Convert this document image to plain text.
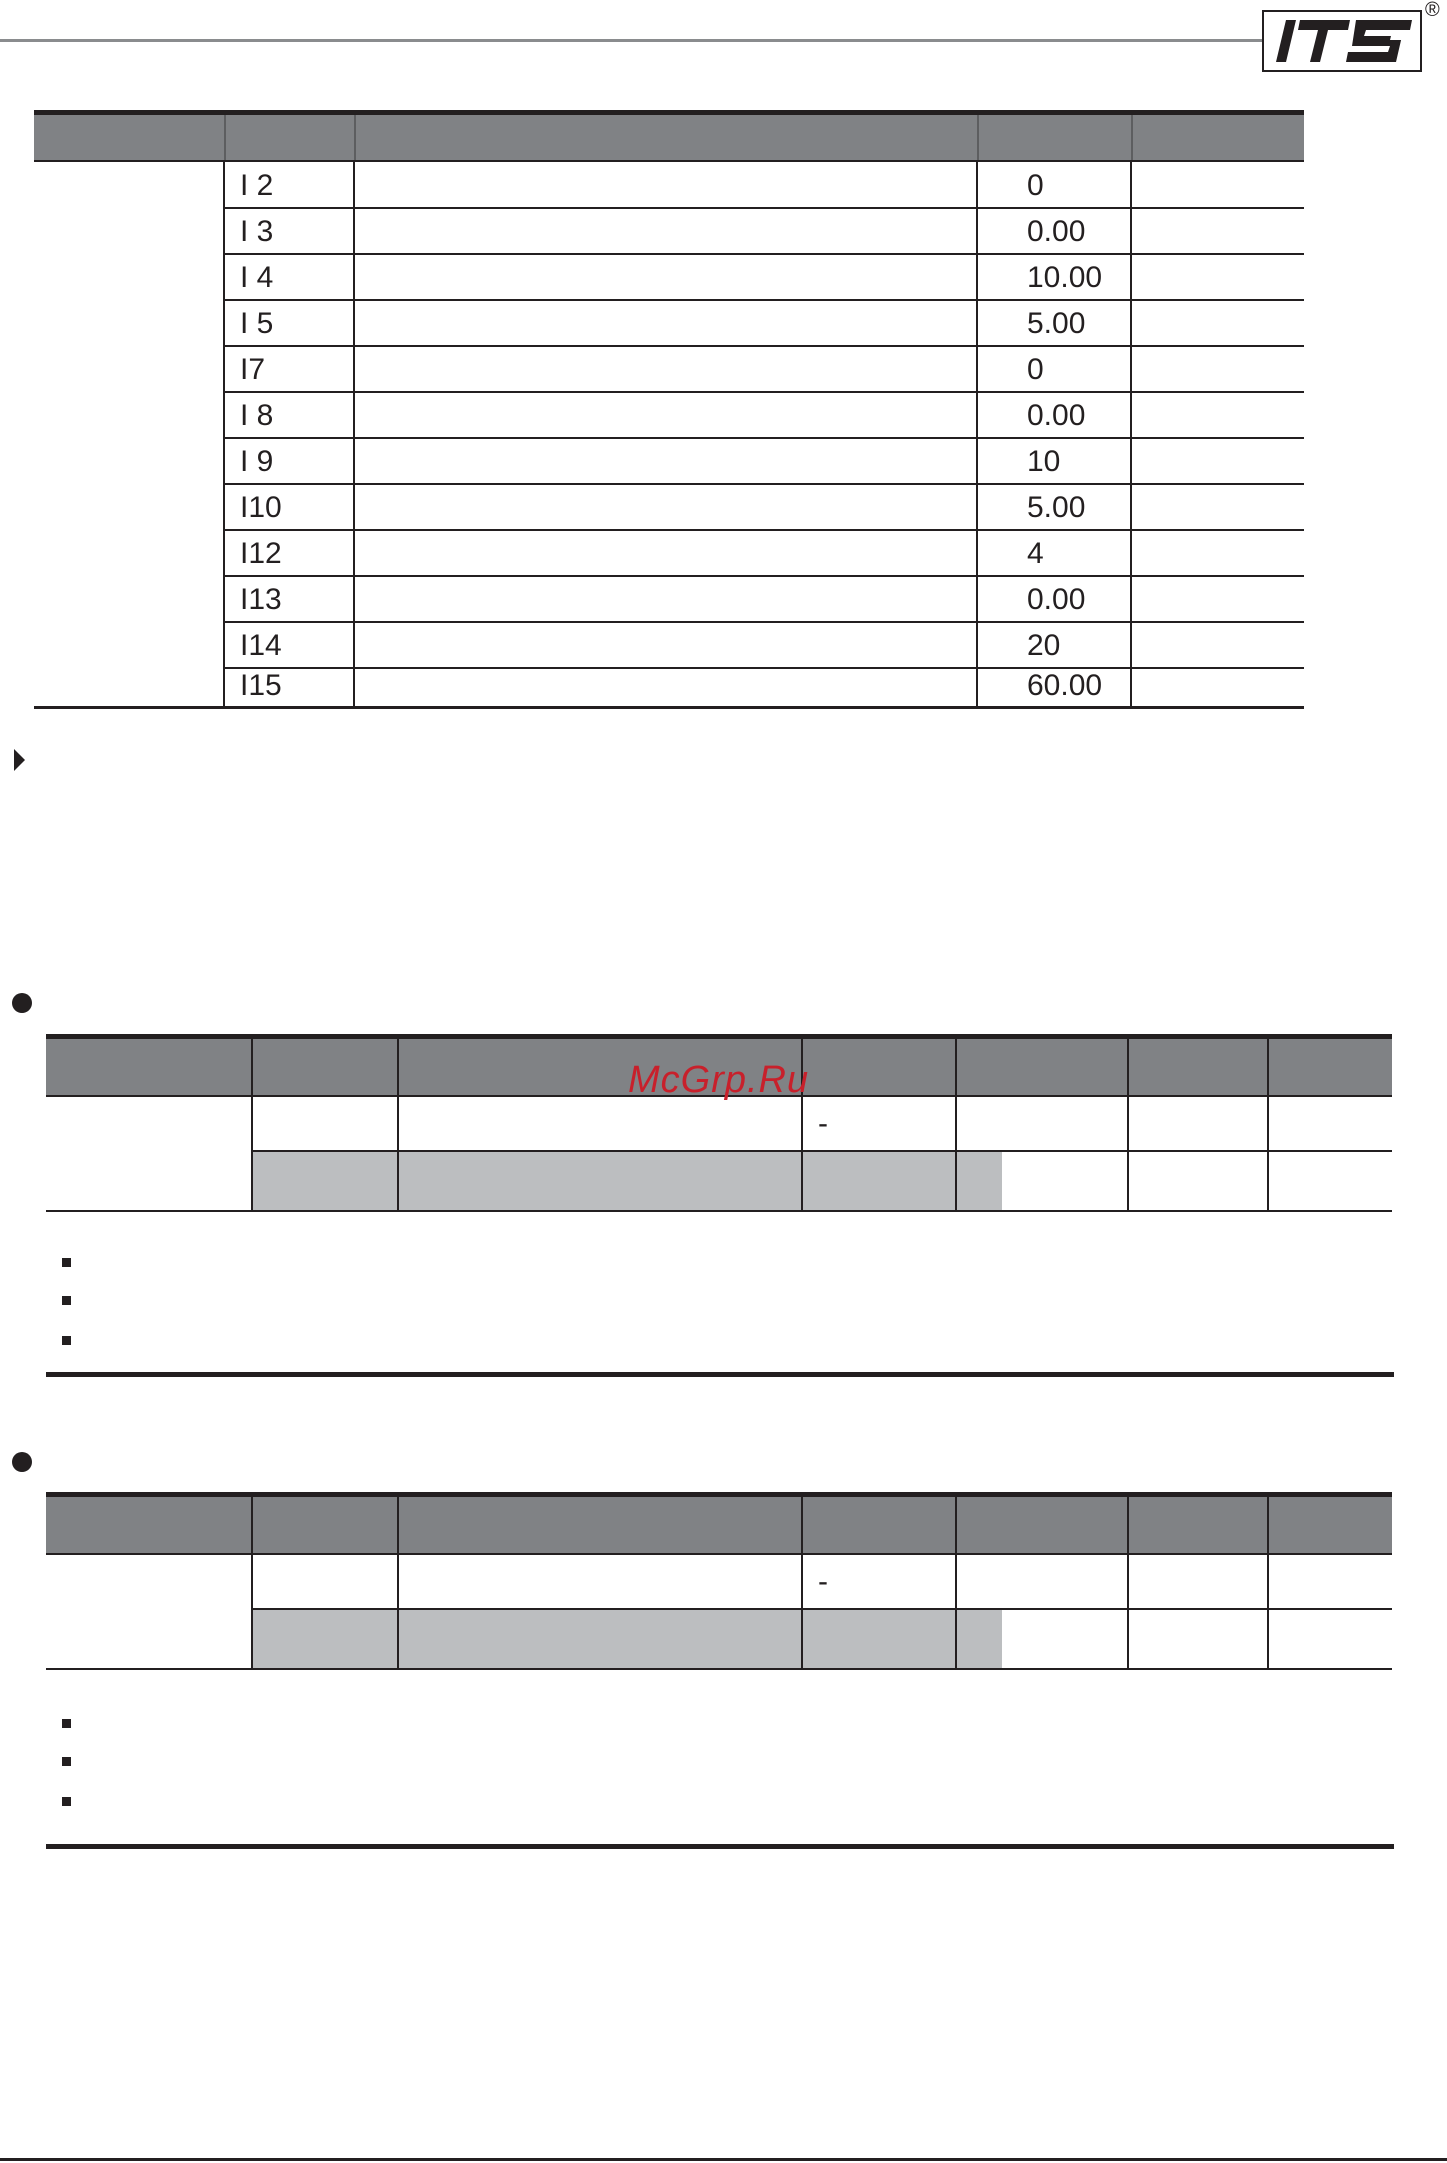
®
I 2	0
I 3	0.00
I 4	10.00
I 5	5.00
I7	0
I 8	0.00
I 9	10
I10	5.00
I12	4
I13	0.00
I14	20
I15	60.00
-
-
McGrp.Ru
